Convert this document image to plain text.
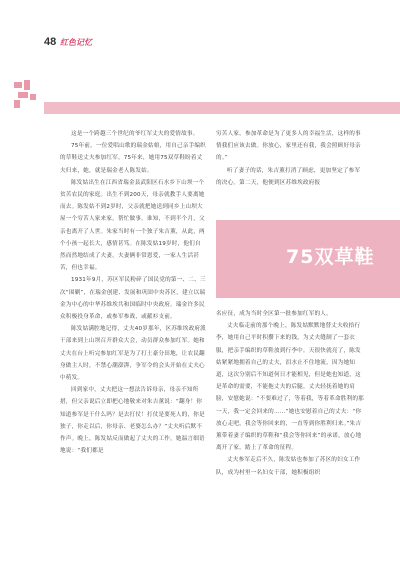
48 红色记忆

这是一个跨越三个世纪的爷红军丈夫的爱情故事。

75年前，一位爱唱山歌的瑞金姑娘，用自己亲手编织的草鞋送丈夫参加红军。75年来，她用75双草鞋盼着丈夫归来，她，就是瑞金老人陈发姑。

陈发姑出生在江西省瑞金县武阳区石水乡下山坝一个贫苦农民的家庭。出生不到200天，母亲就教手人要离她而去。陈发姑不到2岁时，父亲就把她送到同乡上山坝大屋一个穷苦人家来家，帮忙做事。谁知，不到半个月，父亲也离开了人世。朱家当时有一个独子朱吉薰，从此，两个小孩一起长大，感情甚笃。在陈发姑19岁时，他们自然而然地结成了夫妻。夫妻俩非常恩爱，一家人生活甚苦，但也幸福。

1931年9月，苏区军民粉碎了国民党的第一、二、三次“围剿”，在瑞金创建、发展和巩固中央苏区，建立以瑞金为中心的中华苏维埃共和国临时中央政府。瑞金许多民众积极投身革命，或参军参战，或献衫支前。

陈发姑满腔地记得，丈夫40岁那年，区苏维埃政府派干部来到上山坝召开群众大会，动员群众参加红军。她和丈夫在台上听完参加红军是为了打土豪分田地，让农民翻身做主人时，不禁心潮澎湃，争军令的会头开始在丈夫心中萌发。

回到家中，丈夫把这一想法告诉母亲，母亲不知所措，但父亲说后立即把心地敬来对朱吉薰说：“翻身！你知道参军是干什么吗？是去打仗！打仗是要死人的，你是独子，你走以后，你母亲、老婆怎么办？”丈夫听后默不作声。晚上，陈发姑反而做起了丈夫的工作，她温言细语地说：“我们都是

穷苦人家，参加革命是为了更多人的幸福生活，这样的事情我们应该去做。你放心，家里还有我，我会照顾好母亲的。”

听了妻子的话，朱吉薰打消了顾虑，更加坚定了参军的决心。第二天，他便到区苏维埃政府报

75双草鞋

名应征，成为当时全区第一批参加红军的人。

丈夫临走前的那个晚上，陈发姑默默地替丈夫收拾行李，她用自己平时积攒下来的钱，为丈夫缝制了一套衣服，把亲手编织的草鞋放到行李中。天很快就亮了，陈发姑紧紧地拥着自己的丈夫，泪水止不住地流，因为她知道，这次分别后不知道何日才能相见，但是她也知道，这是革命的需要，不能拖丈夫的后腿。丈夫轻抚着她的肩膀，安慰她说：“不要难过了，等着我，等着革命胜利的那一天，我一定会回来的……”她也安慰着自己的丈夫：“你放心走吧，我会等你回来的，一直等到你胜利归来。”朱吉薰带着妻子编织的草鞋和“我会等你回来”的承诺，放心地离开了家，踏上了革命的征程。

丈夫参军走后不久，陈发姑也参加了苏区的妇女工作队，成为村里一名妇女干部，她积极组织
